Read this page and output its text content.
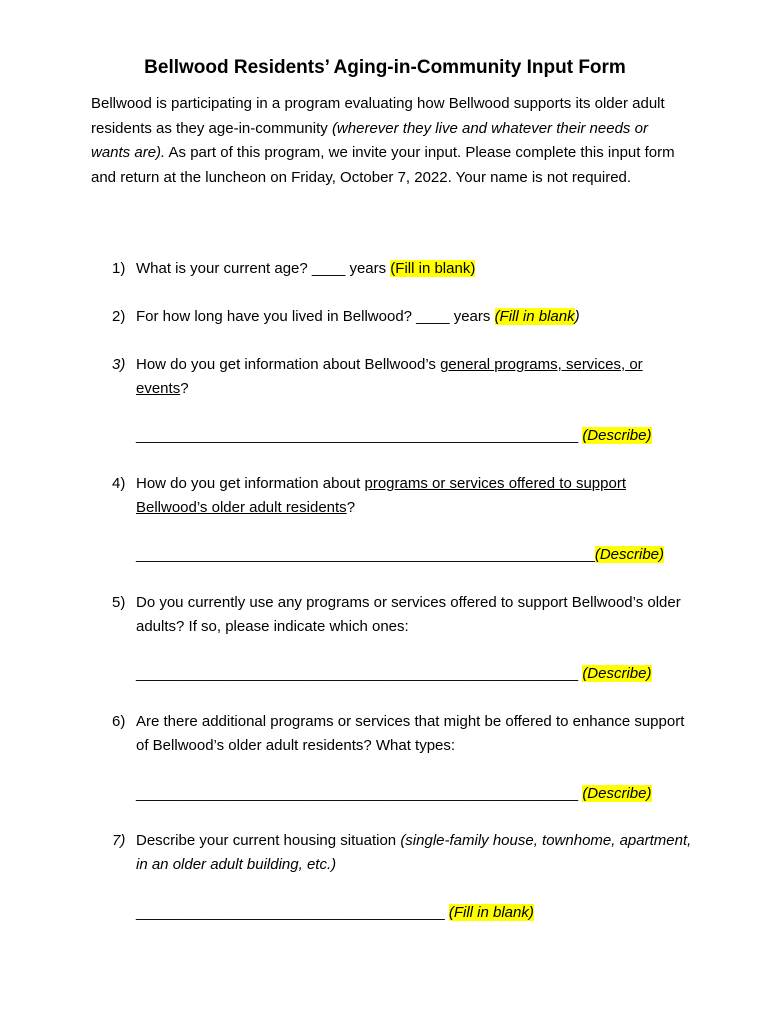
Bellwood Residents’ Aging-in-Community Input Form
Bellwood is participating in a program evaluating how Bellwood supports its older adult residents as they age-in-community (wherever they live and whatever their needs or wants are). As part of this program, we invite your input. Please complete this input form and return at the luncheon on Friday, October 7, 2022. Your name is not required.
1) What is your current age? ____ years (Fill in blank)
2) For how long have you lived in Bellwood? ____ years (Fill in blank)
3) How do you get information about Bellwood’s general programs, services, or events?
_____________________________________________________ (Describe)
4) How do you get information about programs or services offered to support Bellwood’s older adult residents?
_______________________________________________________(Describe)
5) Do you currently use any programs or services offered to support Bellwood’s older adults? If so, please indicate which ones:
_____________________________________________________ (Describe)
6) Are there additional programs or services that might be offered to enhance support of Bellwood’s older adult residents? What types:
_____________________________________________________ (Describe)
7) Describe your current housing situation (single-family house, townhome, apartment, in an older adult building, etc.)
_____________________________________ (Fill in blank)
